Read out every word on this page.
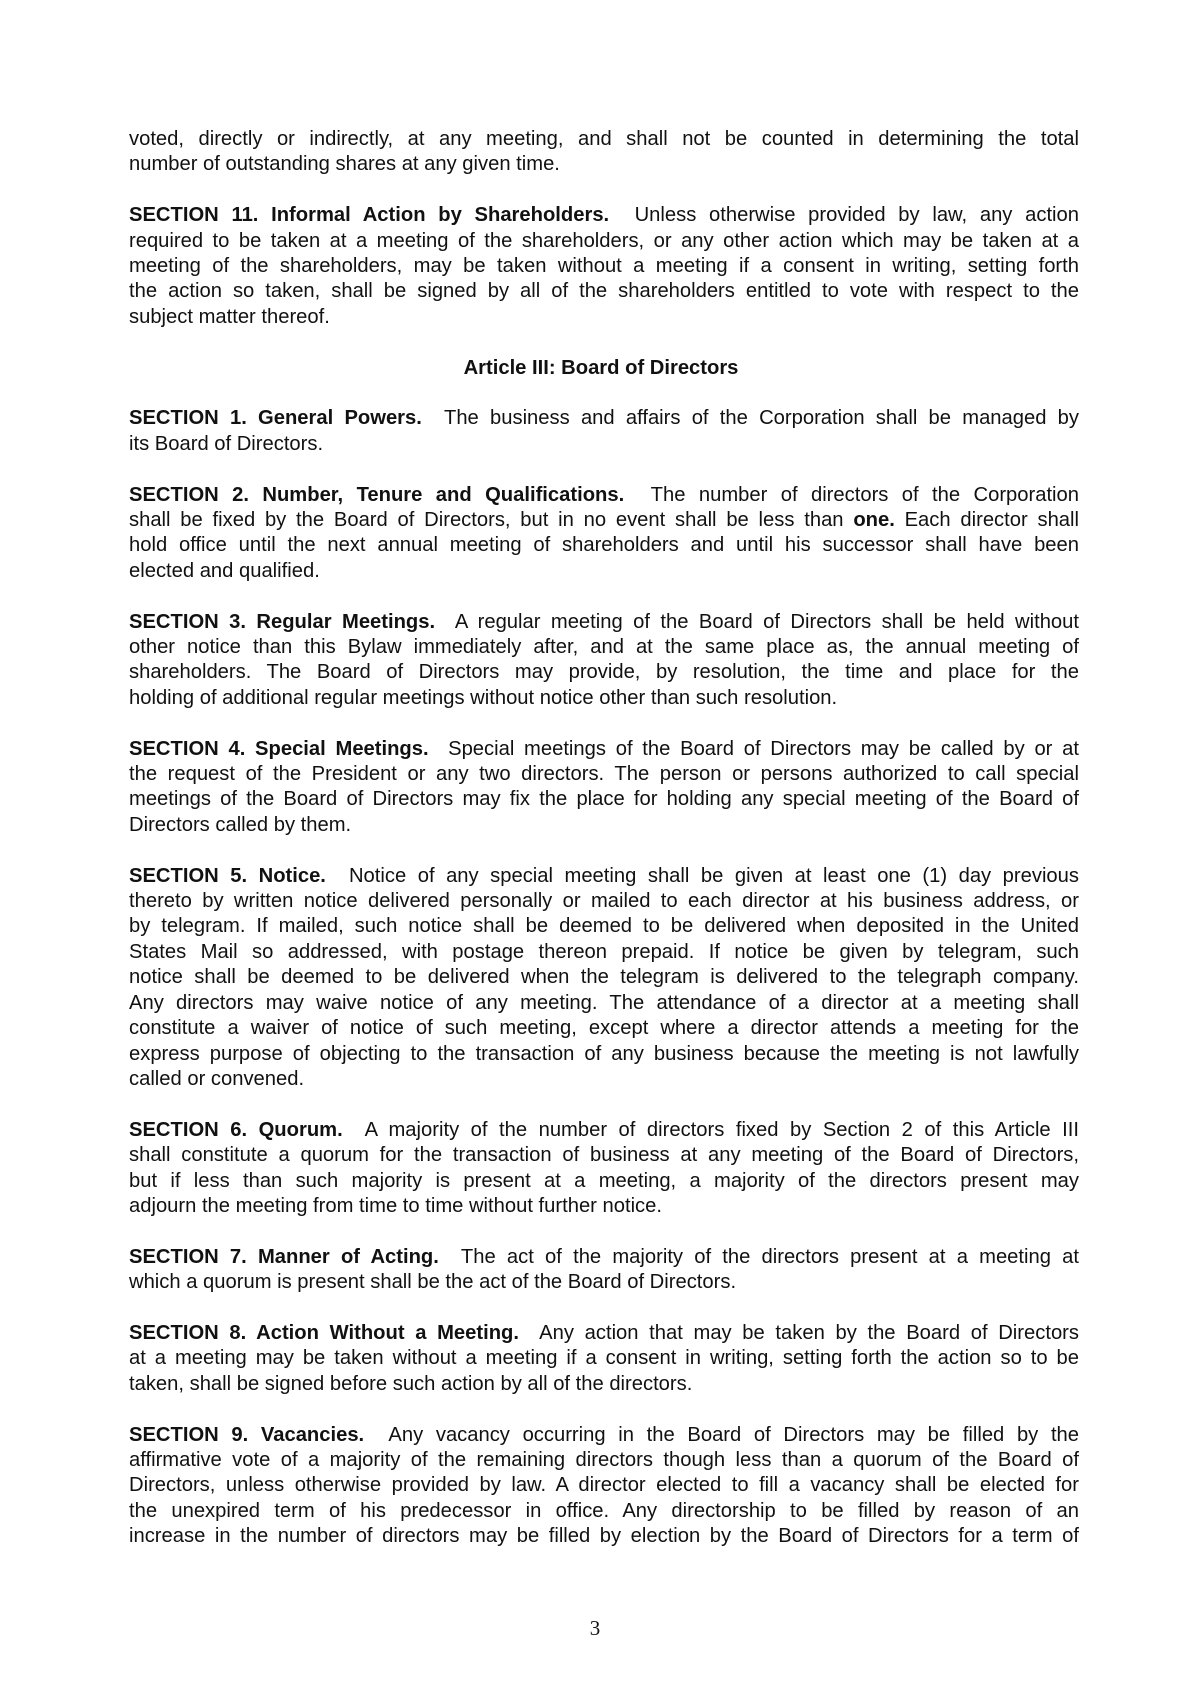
voted, directly or indirectly, at any meeting, and shall not be counted in determining the total
number of outstanding shares at any given time.

SECTION 11. Informal Action by Shareholders.  Unless otherwise provided by law, any action
required to be taken at a meeting of the shareholders, or any other action which may be taken at a
meeting of the shareholders, may be taken without a meeting if a consent in writing, setting forth
the action so taken, shall be signed by all of the shareholders entitled to vote with respect to the
subject matter thereof.

Article III: Board of Directors

SECTION 1. General Powers.  The business and affairs of the Corporation shall be managed by
its Board of Directors.

SECTION 2. Number, Tenure and Qualifications.  The number of directors of the Corporation
shall be fixed by the Board of Directors, but in no event shall be less than one. Each director shall
hold office until the next annual meeting of shareholders and until his successor shall have been
elected and qualified.

SECTION 3. Regular Meetings.  A regular meeting of the Board of Directors shall be held without
other notice than this Bylaw immediately after, and at the same place as, the annual meeting of
shareholders. The Board of Directors may provide, by resolution, the time and place for the
holding of additional regular meetings without notice other than such resolution.

SECTION 4. Special Meetings.  Special meetings of the Board of Directors may be called by or at
the request of the President or any two directors. The person or persons authorized to call special
meetings of the Board of Directors may fix the place for holding any special meeting of the Board of
Directors called by them.

SECTION 5. Notice.  Notice of any special meeting shall be given at least one (1) day previous
thereto by written notice delivered personally or mailed to each director at his business address, or
by telegram. If mailed, such notice shall be deemed to be delivered when deposited in the United
States Mail so addressed, with postage thereon prepaid. If notice be given by telegram, such
notice shall be deemed to be delivered when the telegram is delivered to the telegraph company.
Any directors may waive notice of any meeting. The attendance of a director at a meeting shall
constitute a waiver of notice of such meeting, except where a director attends a meeting for the
express purpose of objecting to the transaction of any business because the meeting is not lawfully
called or convened.

SECTION 6. Quorum.  A majority of the number of directors fixed by Section 2 of this Article III
shall constitute a quorum for the transaction of business at any meeting of the Board of Directors,
but if less than such majority is present at a meeting, a majority of the directors present may
adjourn the meeting from time to time without further notice.

SECTION 7. Manner of Acting.  The act of the majority of the directors present at a meeting at
which a quorum is present shall be the act of the Board of Directors.

SECTION 8. Action Without a Meeting.  Any action that may be taken by the Board of Directors
at a meeting may be taken without a meeting if a consent in writing, setting forth the action so to be
taken, shall be signed before such action by all of the directors.

SECTION 9. Vacancies.  Any vacancy occurring in the Board of Directors may be filled by the
affirmative vote of a majority of the remaining directors though less than a quorum of the Board of
Directors, unless otherwise provided by law. A director elected to fill a vacancy shall be elected for
the unexpired term of his predecessor in office. Any directorship to be filled by reason of an
increase in the number of directors may be filled by election by the Board of Directors for a term of

3
